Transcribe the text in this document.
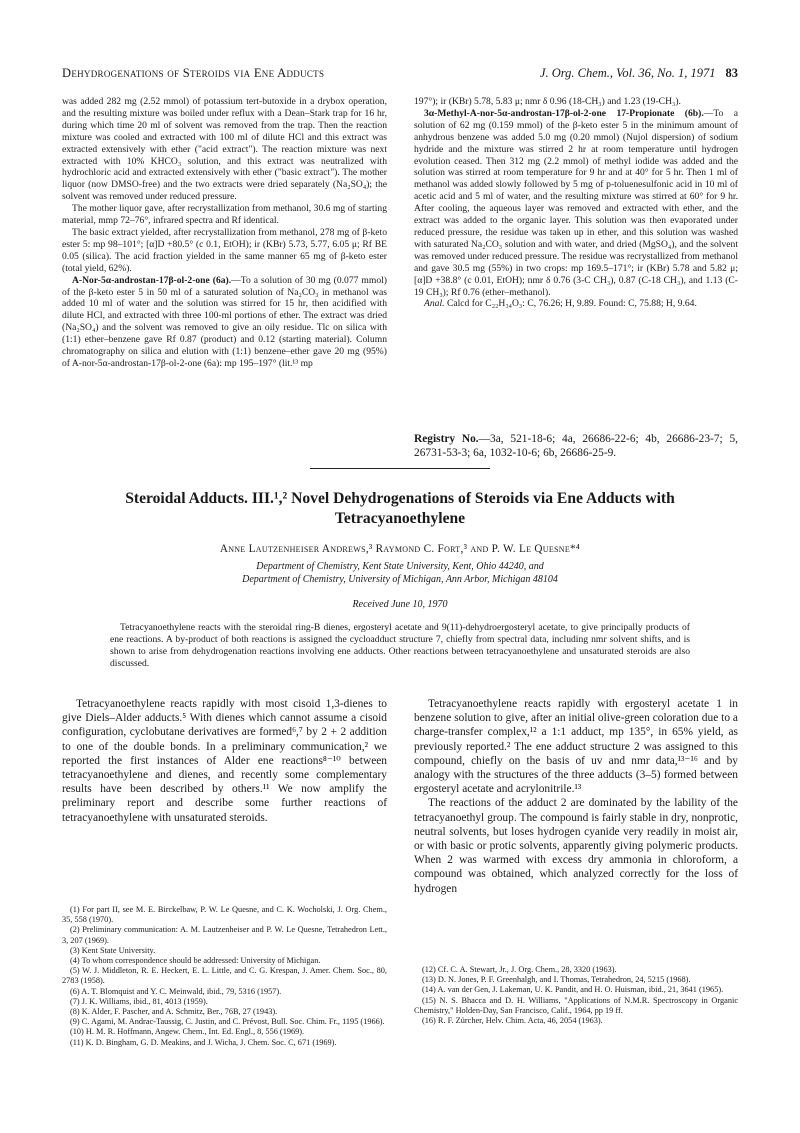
Dehydrogenations of Steroids via Ene Adducts	J. Org. Chem., Vol. 36, No. 1, 1971 83

was added 282 mg (2.52 mmol) of potassium tert-butoxide in a drybox operation, and the resulting mixture was boiled under reflux with a Dean–Stark trap for 16 hr, during which time 20 ml of solvent was removed from the trap. Then the reaction mixture was cooled and extracted with 100 ml of dilute HCl and this extract was extracted extensively with ether ("acid extract"). The reaction mixture was next extracted with 10% KHCO₃ solution, and this extract was neutralized with hydrochloric acid and extracted extensively with ether ("basic extract"). The mother liquor (now DMSO-free) and the two extracts were dried separately (Na₂SO₄); the solvent was removed under reduced pressure.

The mother liquor gave, after recrystallization from methanol, 30.6 mg of starting material, mmp 72–76°, infrared spectra and Rf identical.

The basic extract yielded, after recrystallization from methanol, 278 mg of β-keto ester 5: mp 98–101°; [α]D +80.5° (c 0.1, EtOH); ir (KBr) 5.73, 5.77, 6.05 μ; Rf BE 0.05 (silica). The acid fraction yielded in the same manner 65 mg of β-keto ester (total yield, 62%).

A-Nor-5α-androstan-17β-ol-2-one (6a).—To a solution of 30 mg (0.077 mmol) of the β-keto ester 5 in 50 ml of a saturated solution of Na₂CO₃ in methanol was added 10 ml of water and the solution was stirred for 15 hr, then acidified with dilute HCl, and extracted with three 100-ml portions of ether. The extract was dried (Na₂SO₄) and the solvent was removed to give an oily residue. Tlc on silica with (1:1) ether–benzene gave Rf 0.87 (product) and 0.12 (starting material). Column chromatography on silica and elution with (1:1) benzene–ether gave 20 mg (95%) of A-nor-5α-androstan-17β-ol-2-one (6a): mp 195–197° (lit.¹³ mp

197°); ir (KBr) 5.78, 5.83 μ; nmr δ 0.96 (18-CH₃) and 1.23 (19-CH₃).

3α-Methyl-A-nor-5α-androstan-17β-ol-2-one 17-Propionate (6b).—To a solution of 62 mg (0.159 mmol) of the β-keto ester 5 in the minimum amount of anhydrous benzene was added 5.0 mg (0.20 mmol) (Nujol dispersion) of sodium hydride and the mixture was stirred 2 hr at room temperature until hydrogen evolution ceased. Then 312 mg (2.2 mmol) of methyl iodide was added and the solution was stirred at room temperature for 9 hr and at 40° for 5 hr. Then 1 ml of methanol was added slowly followed by 5 mg of p-toluenesulfonic acid in 10 ml of acetic acid and 5 ml of water, and the resulting mixture was stirred at 60° for 9 hr. After cooling, the aqueous layer was removed and extracted with ether, and the extract was added to the organic layer. This solution was then evaporated under reduced pressure, the residue was taken up in ether, and this solution was washed with saturated Na₂CO₃ solution and with water, and dried (MgSO₄), and the solvent was removed under reduced pressure. The residue was recrystallized from methanol and gave 30.5 mg (55%) in two crops: mp 169.5–171°; ir (KBr) 5.78 and 5.82 μ; [α]D +38.8° (c 0.01, EtOH); nmr δ 0.76 (3-C CH₃), 0.87 (C-18 CH₃), and 1.13 (C-19 CH₃); Rf 0.76 (ether–methanol).

Anal. Calcd for C₂₂H₃₄O₃: C, 76.26; H, 9.89. Found: C, 75.88; H, 9.64.

Registry No.—3a, 521-18-6; 4a, 26686-22-6; 4b, 26686-23-7; 5, 26731-53-3; 6a, 1032-10-6; 6b, 26686-25-9.
Steroidal Adducts. III.¹,² Novel Dehydrogenations of Steroids via Ene Adducts with Tetracyanoethylene
Anne Lautzenheiser Andrews,³ Raymond C. Fort,³ and P. W. Le Quesne*⁴
Department of Chemistry, Kent State University, Kent, Ohio 44240, and
Department of Chemistry, University of Michigan, Ann Arbor, Michigan 48104
Received June 10, 1970
Tetracyanoethylene reacts with the steroidal ring-B dienes, ergosteryl acetate and 9(11)-dehydroergosteryl acetate, to give principally products of ene reactions. A by-product of both reactions is assigned the cycloadduct structure 7, chiefly from spectral data, including nmr solvent shifts, and is shown to arise from dehydrogenation reactions involving ene adducts. Other reactions between tetracyanoethylene and unsaturated steroids are also discussed.

Tetracyanoethylene reacts rapidly with most cisoid 1,3-dienes to give Diels–Alder adducts.⁵ With dienes which cannot assume a cisoid configuration, cyclobutane derivatives are formed⁶,⁷ by 2 + 2 addition to one of the double bonds. In a preliminary communication,² we reported the first instances of Alder ene reactions⁸⁻¹⁰ between tetracyanoethylene and dienes, and recently some complementary results have been described by others.¹¹ We now amplify the preliminary report and describe some further reactions of tetracyanoethylene with unsaturated steroids.

Tetracyanoethylene reacts rapidly with ergosteryl acetate 1 in benzene solution to give, after an initial olive-green coloration due to a charge-transfer complex,¹² a 1:1 adduct, mp 135°, in 65% yield, as previously reported.² The ene adduct structure 2 was assigned to this compound, chiefly on the basis of uv and nmr data,¹³⁻¹⁶ and by analogy with the structures of the three adducts (3–5) formed between ergosteryl acetate and acrylonitrile.¹³

The reactions of the adduct 2 are dominated by the lability of the tetracyanoethyl group. The compound is fairly stable in dry, nonprotic, neutral solvents, but loses hydrogen cyanide very readily in moist air, or with basic or protic solvents, apparently giving polymeric products. When 2 was warmed with excess dry ammonia in chloroform, a compound was obtained, which analyzed correctly for the loss of hydrogen

(1) For part II, see M. E. Birckelbaw, P. W. Le Quesne, and C. K. Wocholski, J. Org. Chem., 35, 558 (1970).

(2) Preliminary communication: A. M. Lautzenheiser and P. W. Le Quesne, Tetrahedron Lett., 3, 207 (1969).

(3) Kent State University.

(4) To whom correspondence should be addressed: University of Michigan.

(5) W. J. Middleton, R. E. Heckert, E. L. Little, and C. G. Krespan, J. Amer. Chem. Soc., 80, 2783 (1958).

(6) A. T. Blomquist and Y. C. Meinwald, ibid., 79, 5316 (1957).

(7) J. K. Williams, ibid., 81, 4013 (1959).

(8) K. Alder, F. Pascher, and A. Schmitz, Ber., 76B, 27 (1943).

(9) C. Agami, M. Andrac-Taussig, C. Justin, and C. Prévost, Bull. Soc. Chim. Fr., 1195 (1966).

(10) H. M. R. Hoffmann, Angew. Chem., Int. Ed. Engl., 8, 556 (1969).

(11) K. D. Bingham, G. D. Meakins, and J. Wicha, J. Chem. Soc. C, 671 (1969).

(12) Cf. C. A. Stewart, Jr., J. Org. Chem., 28, 3320 (1963).

(13) D. N. Jones, P. F. Greenhalgh, and I. Thomas, Tetrahedron, 24, 5215 (1968).

(14) A. van der Gen, J. Lakeman, U. K. Pandit, and H. O. Huisman, ibid., 21, 3641 (1965).

(15) N. S. Bhacca and D. H. Williams, "Applications of N.M.R. Spectroscopy in Organic Chemistry," Holden-Day, San Francisco, Calif., 1964, pp 19 ff.

(16) R. F. Zürcher, Helv. Chim. Acta, 46, 2054 (1963).
